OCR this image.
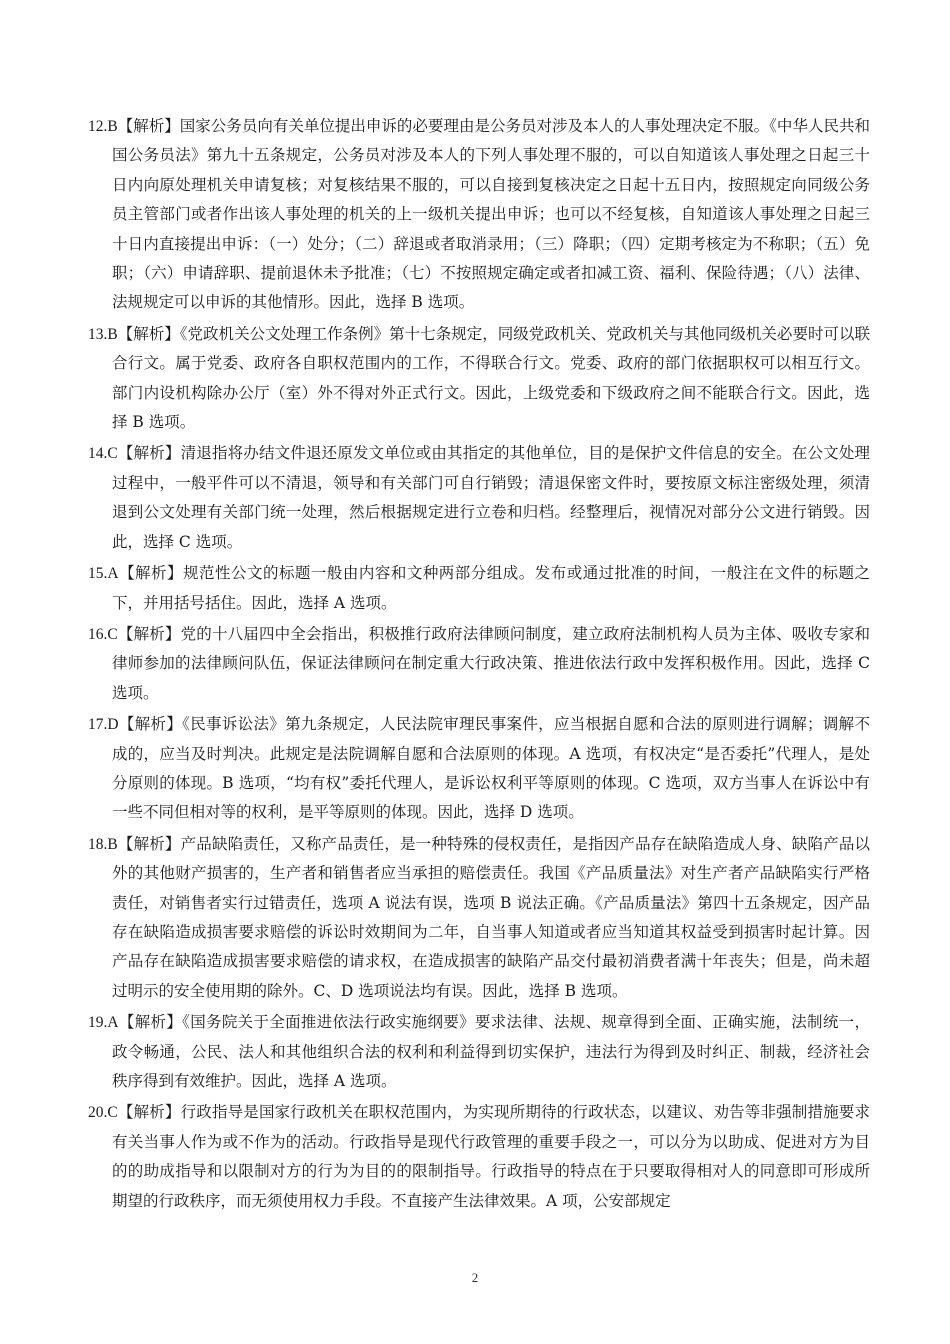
12.B【解析】国家公务员向有关单位提出申诉的必要理由是公务员对涉及本人的人事处理决定不服。《中华人民共和国公务员法》第九十五条规定，公务员对涉及本人的下列人事处理不服的，可以自知道该人事处理之日起三十日内向原处理机关申请复核；对复核结果不服的，可以自接到复核决定之日起十五日内，按照规定向同级公务员主管部门或者作出该人事处理的机关的上一级机关提出申诉；也可以不经复核，自知道该人事处理之日起三十日内直接提出申诉：（一）处分；（二）辞退或者取消录用；（三）降职；（四）定期考核定为不称职；（五）免职；（六）申请辞职、提前退休未予批准；（七）不按照规定确定或者扣减工资、福利、保险待遇；（八）法律、法规规定可以申诉的其他情形。因此，选择 B 选项。

13.B【解析】《党政机关公文处理工作条例》第十七条规定，同级党政机关、党政机关与其他同级机关必要时可以联合行文。属于党委、政府各自职权范围内的工作，不得联合行文。党委、政府的部门依据职权可以相互行文。部门内设机构除办公厅（室）外不得对外正式行文。因此，上级党委和下级政府之间不能联合行文。因此，选择 B 选项。

14.C【解析】清退指将办结文件退还原发文单位或由其指定的其他单位，目的是保护文件信息的安全。在公文处理过程中，一般平件可以不清退，领导和有关部门可自行销毁；清退保密文件时，要按原文标注密级处理，须清退到公文处理有关部门统一处理，然后根据规定进行立卷和归档。经整理后，视情况对部分公文进行销毁。因此，选择 C 选项。

15.A【解析】规范性公文的标题一般由内容和文种两部分组成。发布或通过批准的时间，一般注在文件的标题之下，并用括号括住。因此，选择 A 选项。

16.C【解析】党的十八届四中全会指出，积极推行政府法律顾问制度，建立政府法制机构人员为主体、吸收专家和律师参加的法律顾问队伍，保证法律顾问在制定重大行政决策、推进依法行政中发挥积极作用。因此，选择 C 选项。

17.D【解析】《民事诉讼法》第九条规定，人民法院审理民事案件，应当根据自愿和合法的原则进行调解；调解不成的，应当及时判决。此规定是法院调解自愿和合法原则的体现。A 选项，有权决定“是否委托”代理人，是处分原则的体现。B 选项，“均有权”委托代理人，是诉讼权利平等原则的体现。C 选项，双方当事人在诉讼中有一些不同但相对等的权利，是平等原则的体现。因此，选择 D 选项。

18.B【解析】产品缺陷责任，又称产品责任，是一种特殊的侵权责任，是指因产品存在缺陷造成人身、缺陷产品以外的其他财产损害的，生产者和销售者应当承担的赔偿责任。我国《产品质量法》对生产者产品缺陷实行严格责任，对销售者实行过错责任，选项 A 说法有误，选项 B 说法正确。《产品质量法》第四十五条规定，因产品存在缺陷造成损害要求赔偿的诉讼时效期间为二年，自当事人知道或者应当知道其权益受到损害时起计算。因产品存在缺陷造成损害要求赔偿的请求权，在造成损害的缺陷产品交付最初消费者满十年丧失；但是，尚未超过明示的安全使用期的除外。C、D 选项说法均有误。因此，选择 B 选项。

19.A【解析】《国务院关于全面推进依法行政实施纲要》要求法律、法规、规章得到全面、正确实施，法制统一，政令畅通，公民、法人和其他组织合法的权利和利益得到切实保护，违法行为得到及时纠正、制裁，经济社会秩序得到有效维护。因此，选择 A 选项。

20.C【解析】行政指导是国家行政机关在职权范围内，为实现所期待的行政状态，以建议、劝告等非强制措施要求有关当事人作为或不作为的活动。行政指导是现代行政管理的重要手段之一，可以分为以助成、促进对方为目的的助成指导和以限制对方的行为为目的的限制指导。行政指导的特点在于只要取得相对人的同意即可形成所期望的行政秩序，而无须使用权力手段。不直接产生法律效果。A 项，公安部规定

2
